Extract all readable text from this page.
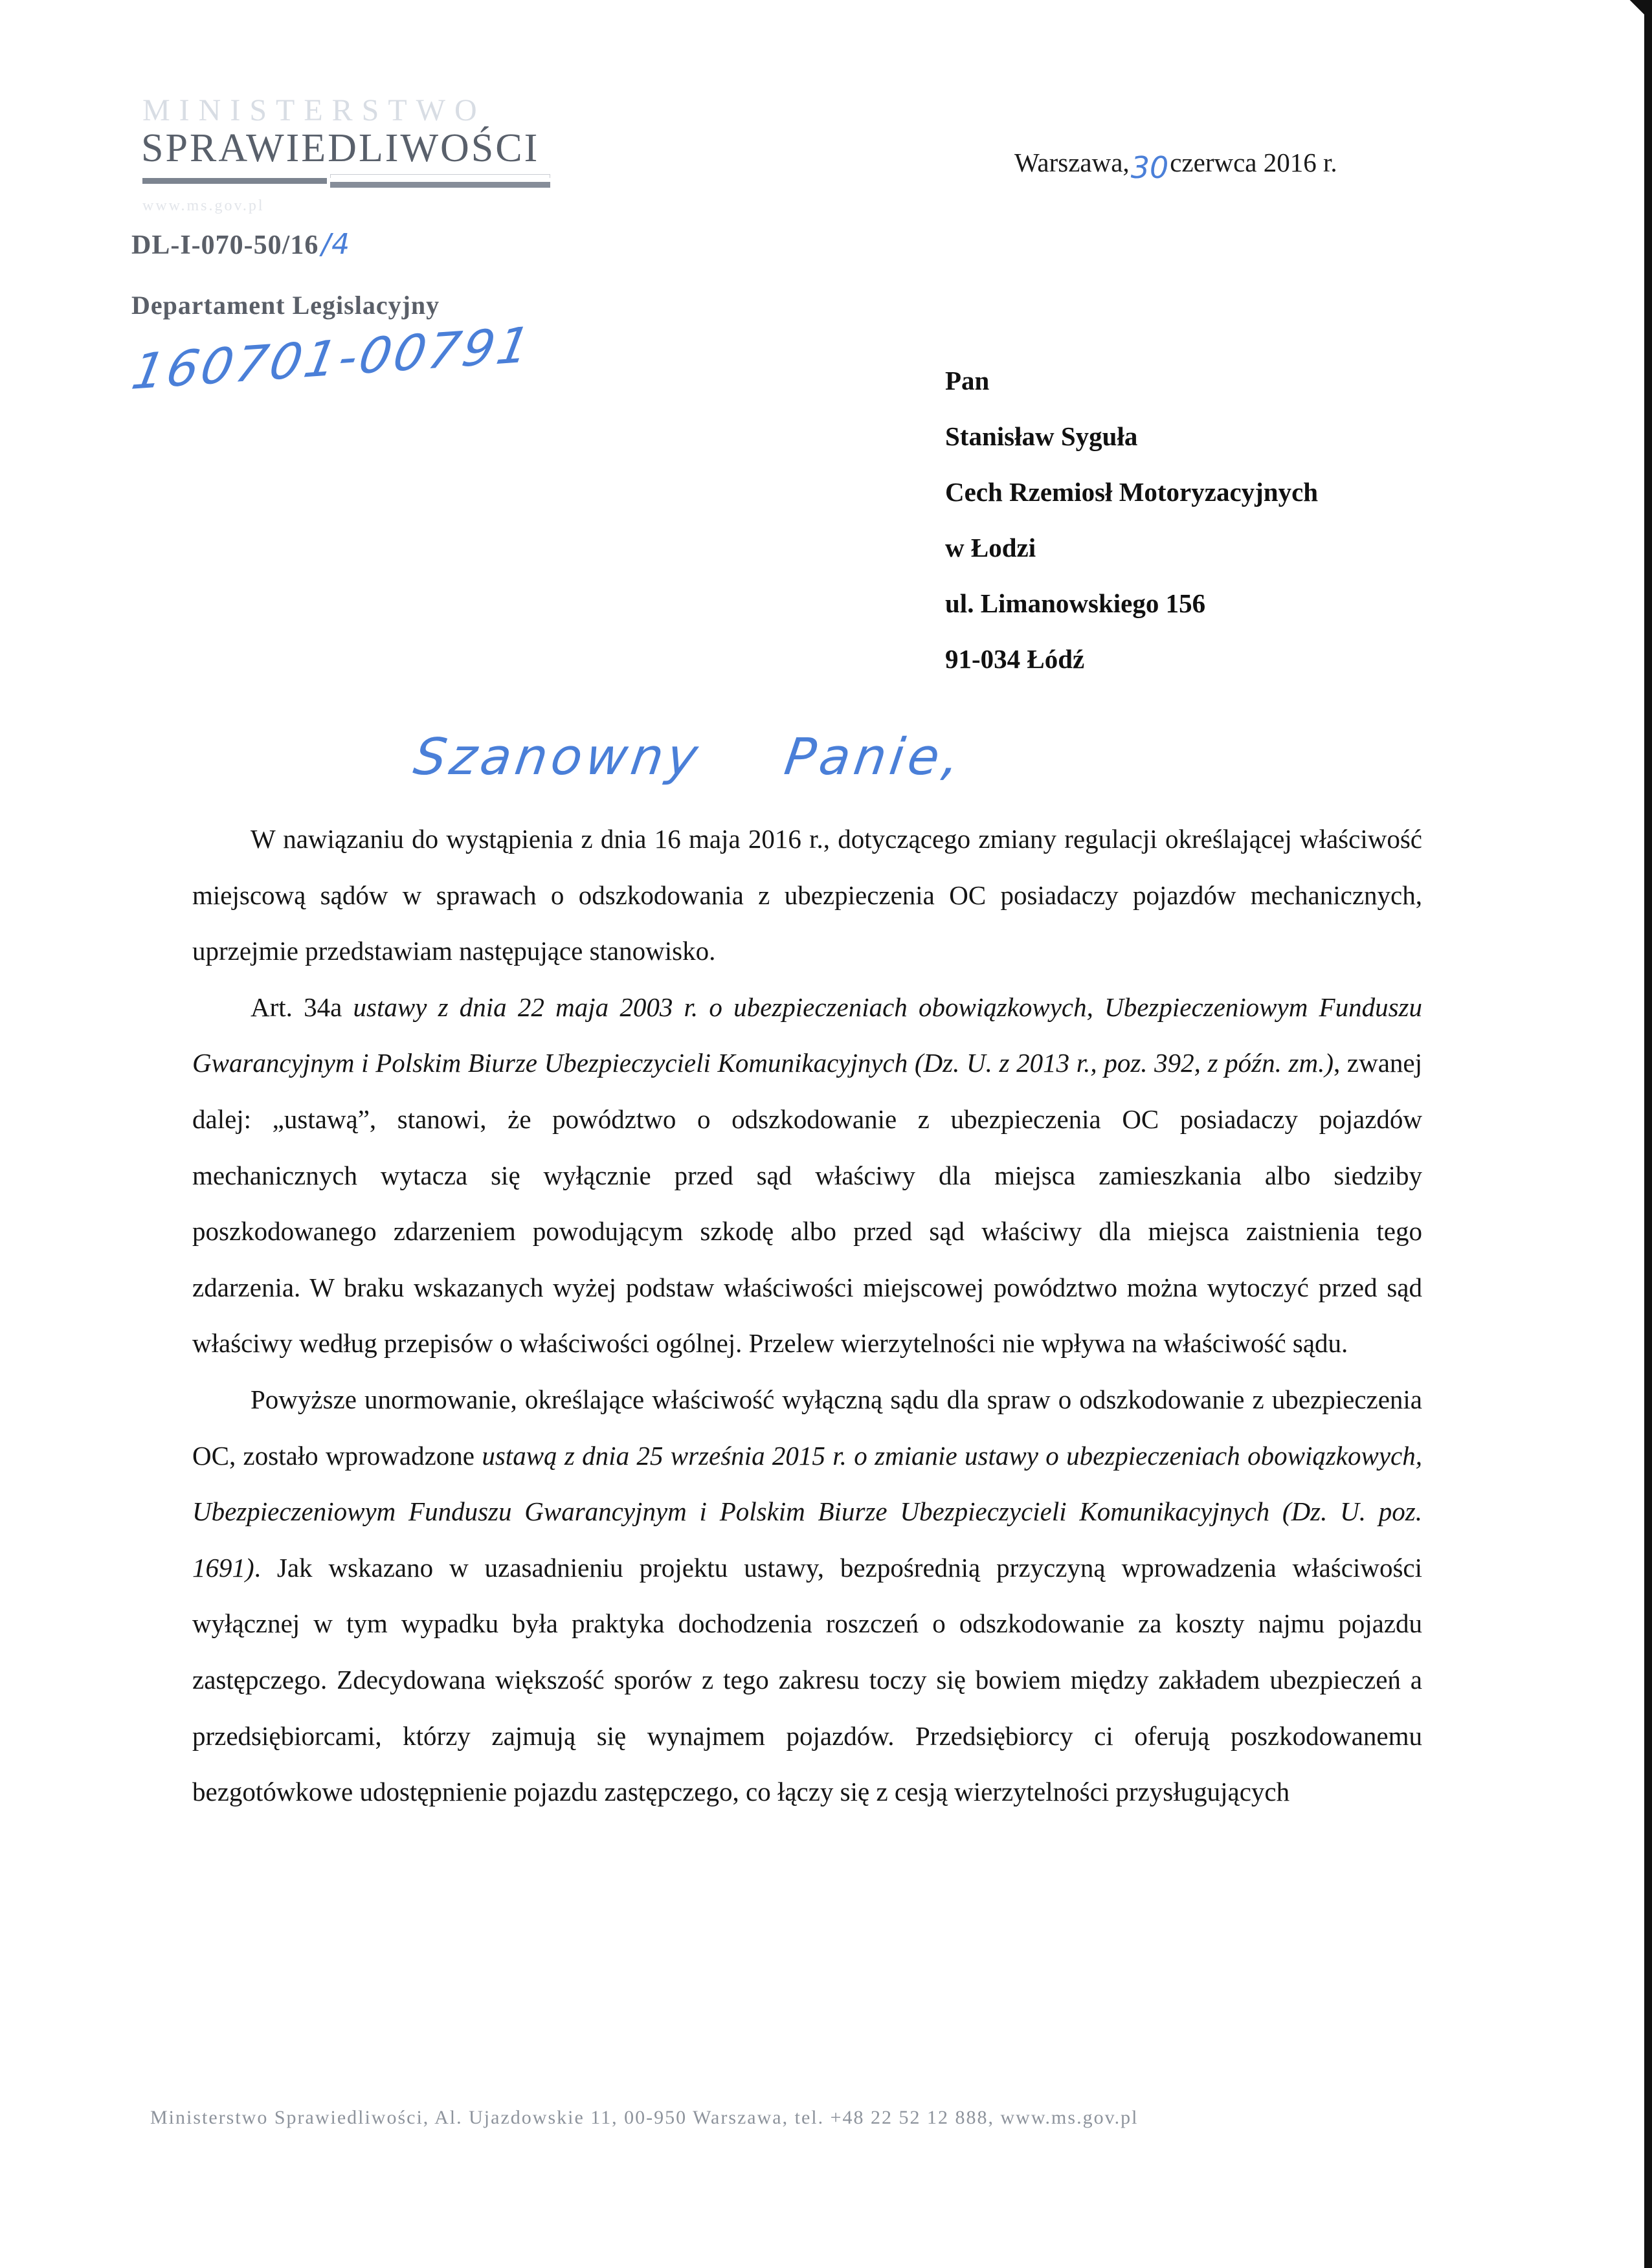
MINISTERSTWO
SPRAWIEDLIWOŚCI
www.ms.gov.pl
DL-I-070-50/16/4
Departament Legislacyjny
160701-00791
Warszawa,30czerwca 2016 r.
Pan
Stanisław Syguła
Cech Rzemiosł Motoryzacyjnych
w Łodzi
ul. Limanowskiego 156
91-034 Łódź
Szanowny Panie,

W nawiązaniu do wystąpienia z dnia 16 maja 2016 r., dotyczącego zmiany regulacji określającej właściwość miejscową sądów w sprawach o odszkodowania z ubezpieczenia OC posiadaczy pojazdów mechanicznych, uprzejmie przedstawiam następujące stanowisko.

Art. 34a ustawy z dnia 22 maja 2003 r. o ubezpieczeniach obowiązkowych, Ubezpieczeniowym Funduszu Gwarancyjnym i Polskim Biurze Ubezpieczycieli Komunikacyjnych (Dz. U. z 2013 r., poz. 392, z późn. zm.), zwanej dalej: „ustawą”, stanowi, że powództwo o odszkodowanie z ubezpieczenia OC posiadaczy pojazdów mechanicznych wytacza się wyłącznie przed sąd właściwy dla miejsca zamieszkania albo siedziby poszkodowanego zdarzeniem powodującym szkodę albo przed sąd właściwy dla miejsca zaistnienia tego zdarzenia. W braku wskazanych wyżej podstaw właściwości miejscowej powództwo można wytoczyć przed sąd właściwy według przepisów o właściwości ogólnej. Przelew wierzytelności nie wpływa na właściwość sądu.

Powyższe unormowanie, określające właściwość wyłączną sądu dla spraw o odszkodowanie z ubezpieczenia OC, zostało wprowadzone ustawą z dnia 25 września 2015 r. o zmianie ustawy o ubezpieczeniach obowiązkowych, Ubezpieczeniowym Funduszu Gwarancyjnym i Polskim Biurze Ubezpieczycieli Komunikacyjnych (Dz. U. poz. 1691). Jak wskazano w uzasadnieniu projektu ustawy, bezpośrednią przyczyną wprowadzenia właściwości wyłącznej w tym wypadku była praktyka dochodzenia roszczeń o odszkodowanie za koszty najmu pojazdu zastępczego. Zdecydowana większość sporów z tego zakresu toczy się bowiem między zakładem ubezpieczeń a przedsiębiorcami, którzy zajmują się wynajmem pojazdów. Przedsiębiorcy ci oferują poszkodowanemu bezgotówkowe udostępnienie pojazdu zastępczego, co łączy się z cesją wierzytelności przysługujących

Ministerstwo Sprawiedliwości, Al. Ujazdowskie 11, 00-950 Warszawa, tel. +48 22 52 12 888, www.ms.gov.pl
